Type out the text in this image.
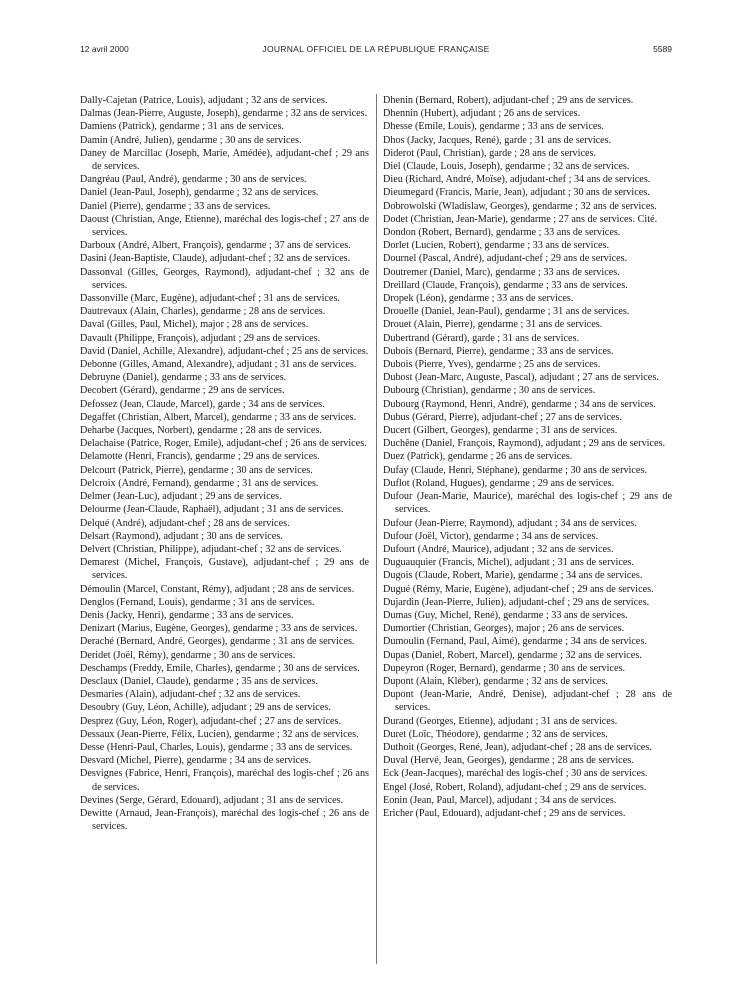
12 avril 2000	JOURNAL OFFICIEL DE LA RÉPUBLIQUE FRANÇAISE	5589

Dally-Cajetan (Patrice, Louis), adjudant ; 32 ans de services.

Dalmas (Jean-Pierre, Auguste, Joseph), gendarme ; 32 ans de services.

Damiens (Patrick), gendarme ; 31 ans de services.

Damin (André, Julien), gendarme ; 30 ans de services.

Daney de Marcillac (Joseph, Marie, Amédée), adjudant-chef ; 29 ans de services.

Dangréau (Paul, André), gendarme ; 30 ans de services.

Daniel (Jean-Paul, Joseph), gendarme ; 32 ans de services.

Daniel (Pierre), gendarme ; 33 ans de services.

Daoust (Christian, Ange, Etienne), maréchal des logis-chef ; 27 ans de services.

Darboux (André, Albert, François), gendarme ; 37 ans de services.

Dasini (Jean-Baptiste, Claude), adjudant-chef ; 32 ans de services.

Dassonval (Gilles, Georges, Raymond), adjudant-chef ; 32 ans de services.

Dassonville (Marc, Eugène), adjudant-chef ; 31 ans de services.

Dautrevaux (Alain, Charles), gendarme ; 28 ans de services.

Daval (Gilles, Paul, Michel), major ; 28 ans de services.

Davault (Philippe, François), adjudant ; 29 ans de services.

David (Daniel, Achille, Alexandre), adjudant-chef ; 25 ans de services.

Debonne (Gilles, Amand, Alexandre), adjudant ; 31 ans de services.

Debruyne (Daniel), gendarme ; 33 ans de services.

Decobert (Gérard), gendarme ; 29 ans de services.

Defossez (Jean, Claude, Marcel), garde ; 34 ans de services.

Degaffet (Christian, Albert, Marcel), gendarme ; 33 ans de services.

Deharbe (Jacques, Norbert), gendarme ; 28 ans de services.

Delachaise (Patrice, Roger, Emile), adjudant-chef ; 26 ans de services.

Delamotte (Henri, Francis), gendarme ; 29 ans de services.

Delcourt (Patrick, Pierre), gendarme ; 30 ans de services.

Delcroix (André, Fernand), gendarme ; 31 ans de services.

Delmer (Jean-Luc), adjudant ; 29 ans de services.

Delourme (Jean-Claude, Raphaël), adjudant ; 31 ans de services.

Delqué (André), adjudant-chef ; 28 ans de services.

Delsart (Raymond), adjudant ; 30 ans de services.

Delvert (Christian, Philippe), adjudant-chef ; 32 ans de services.

Demarest (Michel, François, Gustave), adjudant-chef ; 29 ans de services.

Démoulin (Marcel, Constant, Rémy), adjudant ; 28 ans de services.

Denglos (Fernand, Louis), gendarme ; 31 ans de services.

Denis (Jacky, Henri), gendarme ; 33 ans de services.

Denizart (Marius, Eugène, Georges), gendarme ; 33 ans de services.

Deraché (Bernard, André, Georges), gendarme ; 31 ans de services.

Deridet (Joël, Rémy), gendarme ; 30 ans de services.

Deschamps (Freddy, Emile, Charles), gendarme ; 30 ans de services.

Desclaux (Daniel, Claude), gendarme ; 35 ans de services.

Desmaries (Alain), adjudant-chef ; 32 ans de services.

Desoubry (Guy, Léon, Achille), adjudant ; 29 ans de services.

Desprez (Guy, Léon, Roger), adjudant-chef ; 27 ans de services.

Dessaux (Jean-Pierre, Félix, Lucien), gendarme ; 32 ans de services.

Desse (Henri-Paul, Charles, Louis), gendarme ; 33 ans de services.

Desvard (Michel, Pierre), gendarme ; 34 ans de services.

Desvignes (Fabrice, Henri, François), maréchal des logis-chef ; 26 ans de services.

Devines (Serge, Gérard, Edouard), adjudant ; 31 ans de services.

Dewitte (Arnaud, Jean-François), maréchal des logis-chef ; 26 ans de services.

Dhenin (Bernard, Robert), adjudant-chef ; 29 ans de services.

Dhennin (Hubert), adjudant ; 26 ans de services.

Dhesse (Emile, Louis), gendarme ; 33 ans de services.

Dhos (Jacky, Jacques, René), garde ; 31 ans de services.

Diderot (Paul, Christian), garde ; 28 ans de services.

Diel (Claude, Louis, Joseph), gendarme ; 32 ans de services.

Dieu (Richard, André, Moïse), adjudant-chef ; 34 ans de services.

Dieumegard (Francis, Marie, Jean), adjudant ; 30 ans de services.

Dobrowolski (Wladislaw, Georges), gendarme ; 32 ans de services.

Dodet (Christian, Jean-Marie), gendarme ; 27 ans de services. Cité.

Dondon (Robert, Bernard), gendarme ; 33 ans de services.

Dorlet (Lucien, Robert), gendarme ; 33 ans de services.

Dournel (Pascal, André), adjudant-chef ; 29 ans de services.

Doutremer (Daniel, Marc), gendarme ; 33 ans de services.

Dreillard (Claude, François), gendarme ; 33 ans de services.

Dropek (Léon), gendarme ; 33 ans de services.

Drouelle (Daniel, Jean-Paul), gendarme ; 31 ans de services.

Drouet (Alain, Pierre), gendarme ; 31 ans de services.

Dubertrand (Gérard), garde ; 31 ans de services.

Dubois (Bernard, Pierre), gendarme ; 33 ans de services.

Dubois (Pierre, Yves), gendarme ; 25 ans de services.

Dubost (Jean-Marc, Auguste, Pascal), adjudant ; 27 ans de services.

Dubourg (Christian), gendarme ; 30 ans de services.

Dubourg (Raymond, Henri, André), gendarme ; 34 ans de services.

Dubus (Gérard, Pierre), adjudant-chef ; 27 ans de services.

Ducert (Gilbert, Georges), gendarme ; 31 ans de services.

Duchêne (Daniel, François, Raymond), adjudant ; 29 ans de services.

Duez (Patrick), gendarme ; 26 ans de services.

Dufay (Claude, Henri, Stéphane), gendarme ; 30 ans de services.

Duflot (Roland, Hugues), gendarme ; 29 ans de services.

Dufour (Jean-Marie, Maurice), maréchal des logis-chef ; 29 ans de services.

Dufour (Jean-Pierre, Raymond), adjudant ; 34 ans de services.

Dufour (Joël, Victor), gendarme ; 34 ans de services.

Dufourt (André, Maurice), adjudant ; 32 ans de services.

Duguauquier (Francis, Michel), adjudant ; 31 ans de services.

Dugois (Claude, Robert, Marie), gendarme ; 34 ans de services.

Dugué (Rémy, Marie, Eugène), adjudant-chef ; 29 ans de services.

Dujardin (Jean-Pierre, Julien), adjudant-chef ; 29 ans de services.

Dumas (Guy, Michel, René), gendarme ; 33 ans de services.

Dumortier (Christian, Georges), major ; 26 ans de services.

Dumoulin (Fernand, Paul, Aimé), gendarme ; 34 ans de services.

Dupas (Daniel, Robert, Marcel), gendarme ; 32 ans de services.

Dupeyron (Roger, Bernard), gendarme ; 30 ans de services.

Dupont (Alain, Kléber), gendarme ; 32 ans de services.

Dupont (Jean-Marie, André, Denise), adjudant-chef ; 28 ans de services.

Durand (Georges, Etienne), adjudant ; 31 ans de services.

Duret (Loïc, Théodore), gendarme ; 32 ans de services.

Duthoit (Georges, René, Jean), adjudant-chef ; 28 ans de services.

Duval (Hervé, Jean, Georges), gendarme ; 28 ans de services.

Eck (Jean-Jacques), maréchal des logis-chef ; 30 ans de services.

Engel (José, Robert, Roland), adjudant-chef ; 29 ans de services.

Eonin (Jean, Paul, Marcel), adjudant ; 34 ans de services.

Ericher (Paul, Edouard), adjudant-chef ; 29 ans de services.
